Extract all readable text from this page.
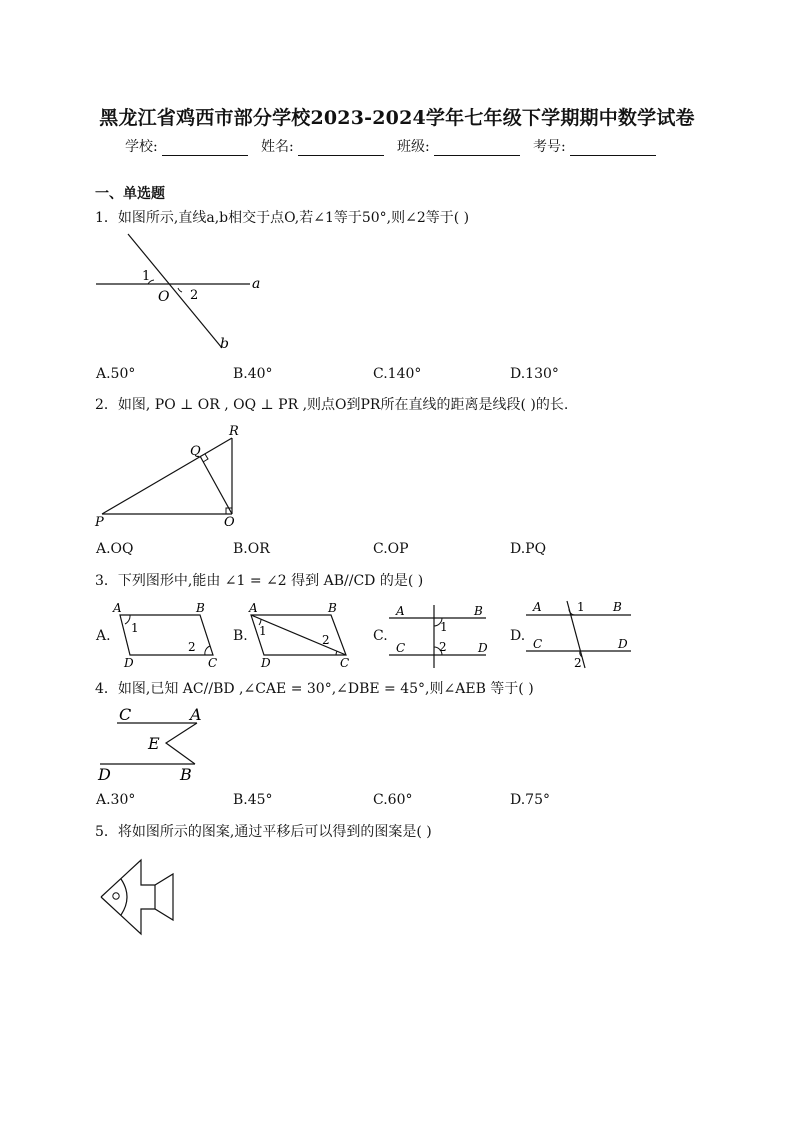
黑龙江省鸡西市部分学校2023-2024学年七年级下学期期中数学试卷
学校:	姓名:	班级:	考号:
一、单选题
1．如图所示,直线a,b相交于点O,若∠1等于50°,则∠2等于( )
1
O 2
a
b
A.50°	B.40°	C.140°	D.130°
2．如图, PO ⊥ OR , OQ ⊥ PR ,则点O到PR所在直线的距离是线段( )的长.
R
Q
P	O
A.OQ	B.OR	C.OP	D.PQ
3．下列图形中,能由 ∠1 = ∠2 得到 AB//CD 的是( )
A.
A	B
D	C
1
2
B.
A	B
D	C
1
2	C.
A	B
C	D
1
2
D.
A	B
C	D
1
2
4．如图,已知 AC//BD ,∠CAE = 30°,∠DBE = 45°,则∠AEB 等于( )
C	A
E
D	B
A.30°	B.45°	C.60°	D.75°
5．将如图所示的图案,通过平移后可以得到的图案是( )
